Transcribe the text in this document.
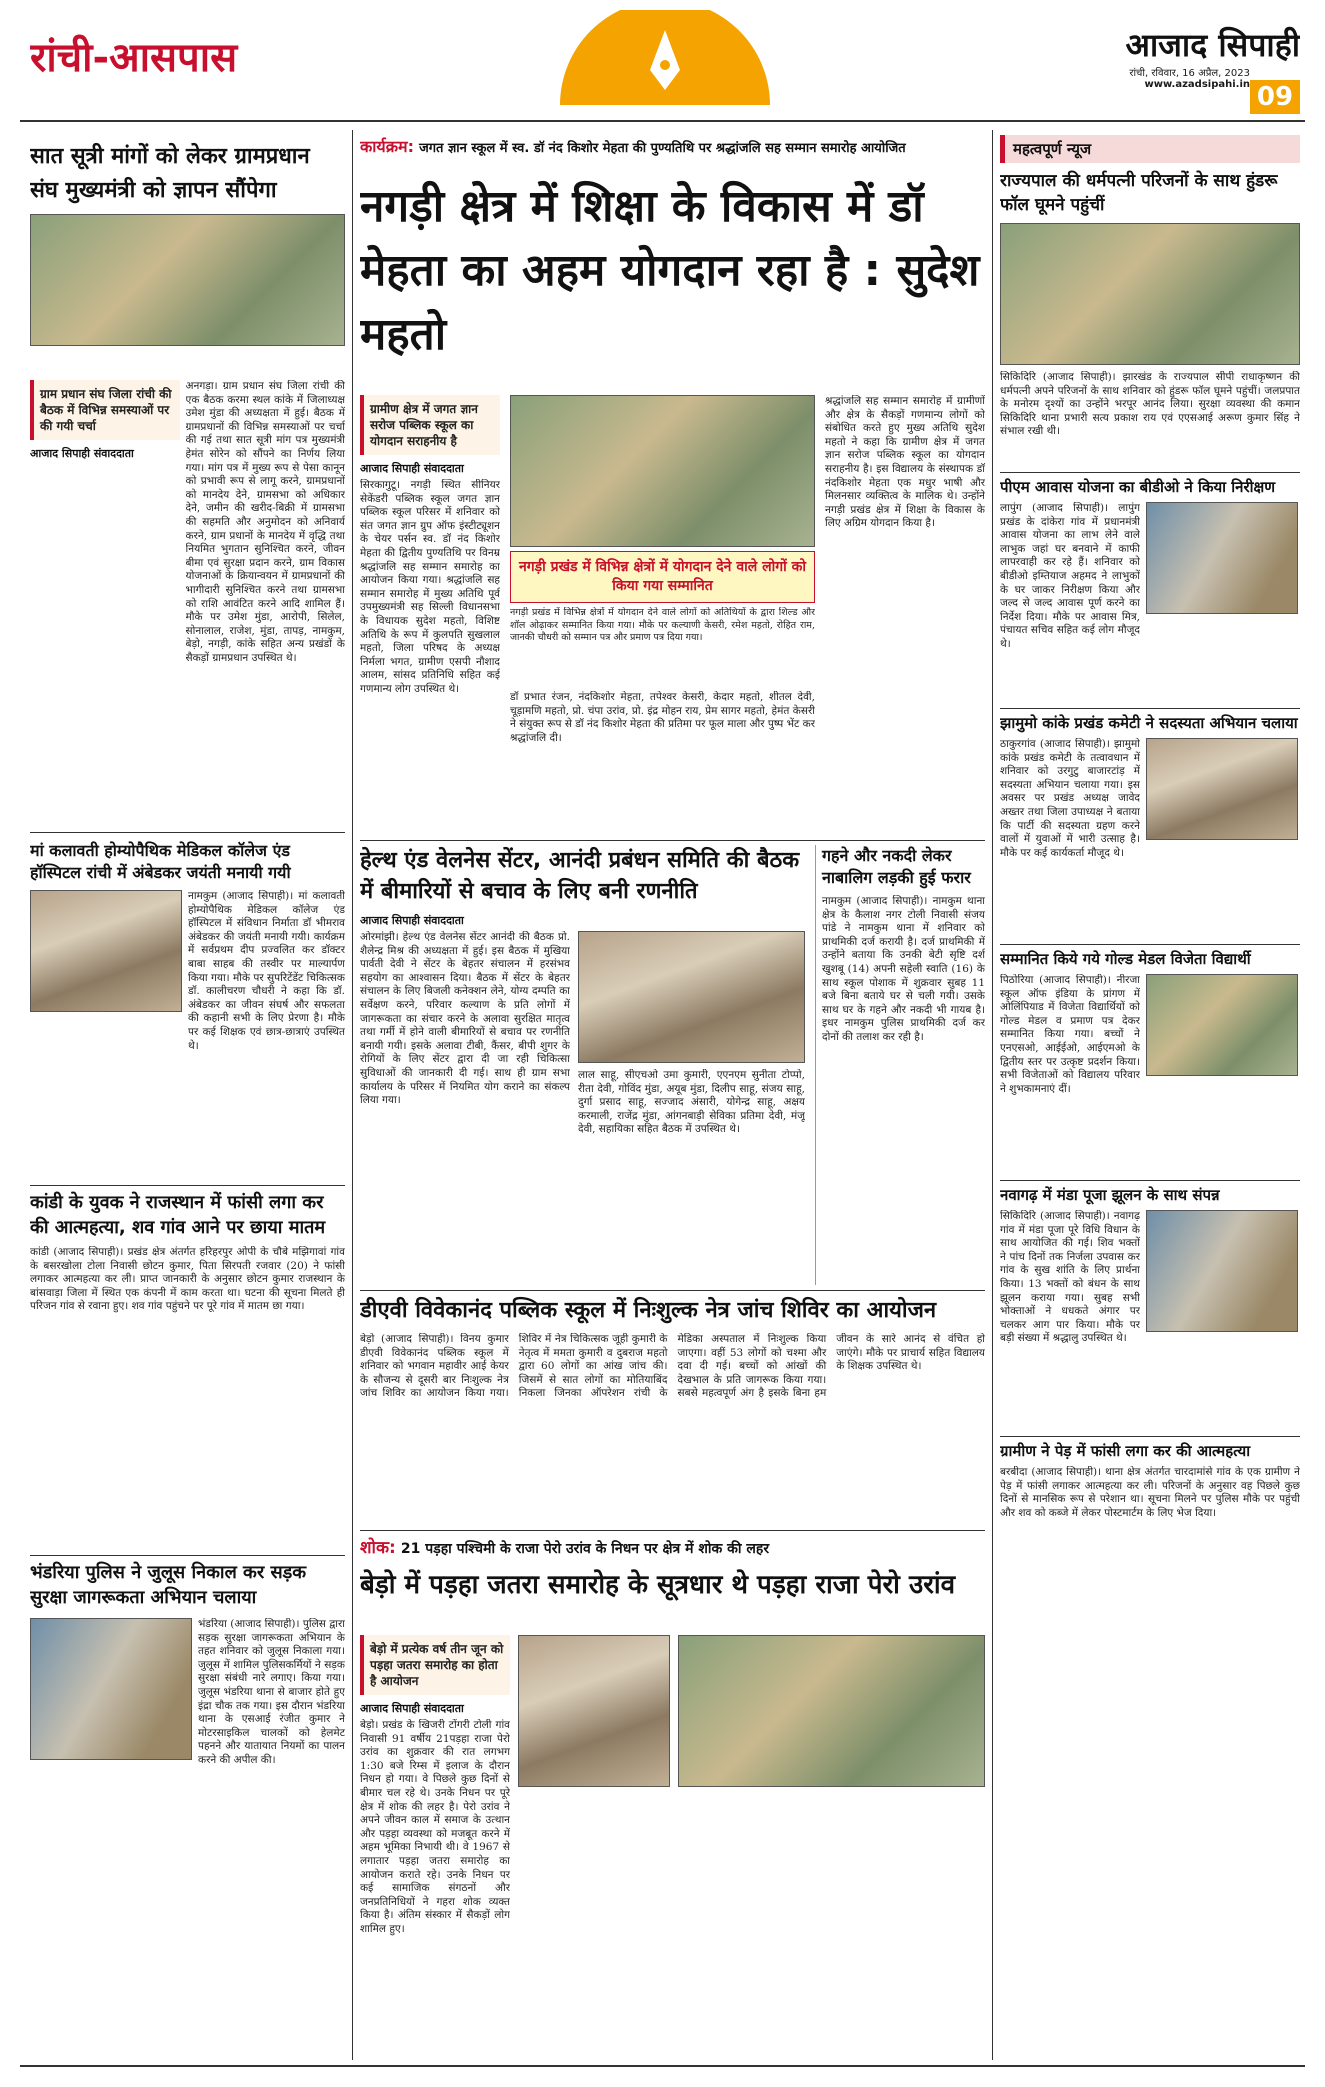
रांची-आसपास	आजाद सिपाही
रांची, रविवार, 16 अप्रैल, 2023
www.azadsipahi.in 09
सात सूत्री मांगों को लेकर ग्रामप्रधान संघ मुख्यमंत्री को ज्ञापन सौंपेगा
ग्राम प्रधान संघ जिला रांची की बैठक में विभिन्न समस्याओं पर की गयी चर्चा
आजाद सिपाही संवाददाता
अनगड़ा। ग्राम प्रधान संघ जिला रांची की एक बैठक करमा स्थल कांके में जिलाध्यक्ष उमेश मुंडा की अध्यक्षता में हुई। बैठक में ग्रामप्रधानों की विभिन्न समस्याओं पर चर्चा की गई तथा सात सूत्री मांग पत्र मुख्यमंत्री हेमंत सोरेन को सौंपने का निर्णय लिया गया। मांग पत्र में मुख्य रूप से पेसा कानून को प्रभावी रूप से लागू करने, ग्रामप्रधानों को मानदेय देने, ग्रामसभा को अधिकार देने, जमीन की खरीद-बिक्री में ग्रामसभा की सहमति और अनुमोदन को अनिवार्य करने, ग्राम प्रधानों के मानदेय में वृद्धि तथा नियमित भुगतान सुनिश्चित करने, जीवन बीमा एवं सुरक्षा प्रदान करने, ग्राम विकास योजनाओं के क्रियान्वयन में ग्रामप्रधानों की भागीदारी सुनिश्चित करने तथा ग्रामसभा को राशि आवंटित करने आदि शामिल हैं। मौके पर उमेश मुंडा, आरोपी, सिलेल, सोनालाल, राजेश, मुंडा, तापड़, नामकुम, बेड़ो, नगड़ी, कांके सहित अन्य प्रखंडों के सैकड़ों ग्रामप्रधान उपस्थित थे।
मां कलावती होम्योपैथिक मेडिकल कॉलेज एंड हॉस्पिटल रांची में अंबेडकर जयंती मनायी गयी
नामकुम (आजाद सिपाही)। मां कलावती होम्योपैथिक मेडिकल कॉलेज एंड हॉस्पिटल में संविधान निर्माता डॉ भीमराव अंबेडकर की जयंती मनायी गयी। कार्यक्रम में सर्वप्रथम दीप प्रज्वलित कर डॉक्टर बाबा साहब की तस्वीर पर माल्यार्पण किया गया। मौके पर सुपरिटेंडेंट चिकित्सक डॉ. कालीचरण चौधरी ने कहा कि डॉ. अंबेडकर का जीवन संघर्ष और सफलता की कहानी सभी के लिए प्रेरणा है। मौके पर कई शिक्षक एवं छात्र-छात्राएं उपस्थित थे।
कांडी के युवक ने राजस्थान में फांसी लगा कर की आत्महत्या, शव गांव आने पर छाया मातम
कांडी (आजाद सिपाही)। प्रखंड क्षेत्र अंतर्गत हरिहरपुर ओपी के चौबे मझिगावां गांव के बसरखोला टोला निवासी छोटन कुमार, पिता सिरपती रजवार (20) ने फांसी लगाकर आत्महत्या कर ली। प्राप्त जानकारी के अनुसार छोटन कुमार राजस्थान के बांसवाड़ा जिला में स्थित एक कंपनी में काम करता था। घटना की सूचना मिलते ही परिजन गांव से रवाना हुए। शव गांव पहुंचने पर पूरे गांव में मातम छा गया।
भंडरिया पुलिस ने जुलूस निकाल कर सड़क सुरक्षा जागरूकता अभियान चलाया
भंडरिया (आजाद सिपाही)। पुलिस द्वारा सड़क सुरक्षा जागरूकता अभियान के तहत शनिवार को जुलूस निकाला गया। जुलूस में शामिल पुलिसकर्मियों ने सड़क सुरक्षा संबंधी नारे लगाए। किया गया। जुलूस भंडरिया थाना से बाजार होते हुए इंद्रा चौक तक गया। इस दौरान भंडरिया थाना के एसआई रंजीत कुमार ने मोटरसाइकिल चालकों को हेलमेट पहनने और यातायात नियमों का पालन करने की अपील की।
कार्यक्रम: जगत ज्ञान स्कूल में स्व. डॉ नंद किशोर मेहता की पुण्यतिथि पर श्रद्धांजलि सह सम्मान समारोह आयोजित
नगड़ी क्षेत्र में शिक्षा के विकास में डॉ मेहता का अहम योगदान रहा है : सुदेश महतो
ग्रामीण क्षेत्र में जगत ज्ञान सरोज पब्लिक स्कूल का योगदान सराहनीय है
आजाद सिपाही संवाददाता
सिरकागुटू। नगड़ी स्थित सीनियर सेकेंडरी पब्लिक स्कूल जगत ज्ञान पब्लिक स्कूल परिसर में शनिवार को संत जगत ज्ञान ग्रुप ऑफ इंस्टीट्यूशन के चेयर पर्सन स्व. डॉ नंद किशोर मेहता की द्वितीय पुण्यतिथि पर विनम्र श्रद्धांजलि सह सम्मान समारोह का आयोजन किया गया। श्रद्धांजलि सह सम्मान समारोह में मुख्य अतिथि पूर्व उपमुख्यमंत्री सह सिल्ली विधानसभा के विधायक सुदेश महतो, विशिष्ट अतिथि के रूप में कुलपति सुखलाल महतो, जिला परिषद के अध्यक्ष निर्मला भगत, ग्रामीण एसपी नौशाद आलम, सांसद प्रतिनिधि सहित कई गणमान्य लोग उपस्थित थे।
नगड़ी प्रखंड में विभिन्न क्षेत्रों में योगदान देने वाले लोगों को किया गया सम्मानित
नगड़ी प्रखंड में विभिन्न क्षेत्रों में योगदान देने वाले लोगों को अतिथियों के द्वारा शिल्ड और शॉल ओढ़ाकर सम्मानित किया गया। मौके पर कल्याणी केसरी, रमेश महतो, रोहित राम, जानकी चौधरी को सम्मान पत्र और प्रमाण पत्र दिया गया।
डॉ प्रभात रंजन, नंदकिशोर मेहता, तपेश्वर केसरी, केदार महतो, शीतल देवी, चूड़ामणि महतो, प्रो. चंपा उरांव, प्रो. इंद्र मोहन राय, प्रेम सागर महतो, हेमंत केसरी ने संयुक्त रूप से डॉ नंद किशोर मेहता की प्रतिमा पर फूल माला और पुष्प भेंट कर श्रद्धांजलि दी।
श्रद्धांजलि सह सम्मान समारोह में ग्रामीणों और क्षेत्र के सैकड़ों गणमान्य लोगों को संबोधित करते हुए मुख्य अतिथि सुदेश महतो ने कहा कि ग्रामीण क्षेत्र में जगत ज्ञान सरोज पब्लिक स्कूल का योगदान सराहनीय है। इस विद्यालय के संस्थापक डॉ नंदकिशोर मेहता एक मधुर भाषी और मिलनसार व्यक्तित्व के मालिक थे। उन्होंने नगड़ी प्रखंड क्षेत्र में शिक्षा के विकास के लिए अग्रिम योगदान किया है।
हेल्थ एंड वेलनेस सेंटर, आनंदी प्रबंधन समिति की बैठक में बीमारियों से बचाव के लिए बनी रणनीति
आजाद सिपाही संवाददाता
ओरमांझी। हेल्थ एंड वेलनेस सेंटर आनंदी की बैठक प्रो. शैलेन्द्र मिश्र की अध्यक्षता में हुई। इस बैठक में मुखिया पार्वती देवी ने सेंटर के बेहतर संचालन में हरसंभव सहयोग का आश्वासन दिया। बैठक में सेंटर के बेहतर संचालन के लिए बिजली कनेक्शन लेने, योग्य दम्पति का सर्वेक्षण करने, परिवार कल्याण के प्रति लोगों में जागरूकता का संचार करने के अलावा सुरक्षित मातृत्व तथा गर्मी में होने वाली बीमारियों से बचाव पर रणनीति बनायी गयी। इसके अलावा टीबी, कैंसर, बीपी शुगर के रोगियों के लिए सेंटर द्वारा दी जा रही चिकित्सा सुविधाओं की जानकारी दी गई। साथ ही ग्राम सभा कार्यालय के परिसर में नियमित योग कराने का संकल्प लिया गया।
लाल साहू, सीएचओ उमा कुमारी, एएनएम सुनीता टोप्पो, रीता देवी, गोविंद मुंडा, अयूब मुंडा, दिलीप साहू, संजय साहू, दुर्गा प्रसाद साहू, सज्जाद अंसारी, योगेन्द्र साहू, अक्षय करमाली, राजेंद्र मुंडा, आंगनबाड़ी सेविका प्रतिमा देवी, मंजू देवी, सहायिका सहित बैठक में उपस्थित थे।
गहने और नकदी लेकर नाबालिग लड़की हुई फरार
नामकुम (आजाद सिपाही)। नामकुम थाना क्षेत्र के कैलाश नगर टोली निवासी संजय पांडे ने नामकुम थाना में शनिवार को प्राथमिकी दर्ज करायी है। दर्ज प्राथमिकी में उन्होंने बताया कि उनकी बेटी सृष्टि दर्श खुशबू (14) अपनी सहेली स्वाति (16) के साथ स्कूल पोशाक में शुक्रवार सुबह 11 बजे बिना बताये घर से चली गयी। उसके साथ घर के गहने और नकदी भी गायब है। इधर नामकुम पुलिस प्राथमिकी दर्ज कर दोनों की तलाश कर रही है।
डीएवी विवेकानंद पब्लिक स्कूल में निःशुल्क नेत्र जांच शिविर का आयोजन
बेड़ो (आजाद सिपाही)। विनय कुमार डीएवी विवेकानंद पब्लिक स्कूल में शनिवार को भगवान महावीर आई केयर के सौजन्य से दूसरी बार निःशुल्क नेत्र जांच शिविर का आयोजन किया गया। शिविर में नेत्र चिकित्सक जूही कुमारी के नेतृत्व में ममता कुमारी व दुबराज महतो द्वारा 60 लोगों का आंख जांच की। जिसमें से सात लोगों का मोतियाबिंद निकला जिनका ऑपरेशन रांची के मेडिका अस्पताल में निःशुल्क किया जाएगा। वहीं 53 लोगों को चश्मा और दवा दी गई। बच्चों को आंखों की देखभाल के प्रति जागरूक किया गया। सबसे महत्वपूर्ण अंग है इसके बिना हम जीवन के सारे आनंद से वंचित हो जाएंगे। मौके पर प्राचार्य सहित विद्यालय के शिक्षक उपस्थित थे।
शोक: 21 पड़हा पश्चिमी के राजा पेरो उरांव के निधन पर क्षेत्र में शोक की लहर
बेड़ो में पड़हा जतरा समारोह के सूत्रधार थे पड़हा राजा पेरो उरांव
बेड़ो में प्रत्येक वर्ष तीन जून को पड़हा जतरा समारोह का होता है आयोजन
आजाद सिपाही संवाददाता
बेड़ो। प्रखंड के खिजरी टोंगरी टोली गांव निवासी 91 वर्षीय 21पड़हा राजा पेरो उरांव का शुक्रवार की रात लगभग 1:30 बजे रिम्स में इलाज के दौरान निधन हो गया। वे पिछले कुछ दिनों से बीमार चल रहे थे। उनके निधन पर पूरे क्षेत्र में शोक की लहर है। पेरो उरांव ने अपने जीवन काल में समाज के उत्थान और पड़हा व्यवस्था को मजबूत करने में अहम भूमिका निभायी थी। वे 1967 से लगातार पड़हा जतरा समारोह का आयोजन कराते रहे। उनके निधन पर कई सामाजिक संगठनों और जनप्रतिनिधियों ने गहरा शोक व्यक्त किया है। अंतिम संस्कार में सैकड़ों लोग शामिल हुए।
महत्वपूर्ण न्यूज
राज्यपाल की धर्मपत्नी परिजनों के साथ हुंडरू फॉल घूमने पहुंचीं
सिकिदिरि (आजाद सिपाही)। झारखंड के राज्यपाल सीपी राधाकृष्णन की धर्मपत्नी अपने परिजनों के साथ शनिवार को हुंडरू फॉल घूमने पहुंचीं। जलप्रपात के मनोरम दृश्यों का उन्होंने भरपूर आनंद लिया। सुरक्षा व्यवस्था की कमान सिकिदिरि थाना प्रभारी सत्य प्रकाश राय एवं एएसआई अरूण कुमार सिंह ने संभाल रखी थी।
पीएम आवास योजना का बीडीओ ने किया निरीक्षण
लापुंग (आजाद सिपाही)। लापुंग प्रखंड के दांकेरा गांव में प्रधानमंत्री आवास योजना का लाभ लेने वाले लाभुक जहां घर बनवाने में काफी लापरवाही कर रहे हैं। शनिवार को बीडीओ इम्तियाज अहमद ने लाभुकों के घर जाकर निरीक्षण किया और जल्द से जल्द आवास पूर्ण करने का निर्देश दिया। मौके पर आवास मित्र, पंचायत सचिव सहित कई लोग मौजूद थे।
झामुमो कांके प्रखंड कमेटी ने सदस्यता अभियान चलाया
ठाकुरगांव (आजाद सिपाही)। झामुमो कांके प्रखंड कमेटी के तत्वावधान में शनिवार को उरगुटु बाजारटांड़ में सदस्यता अभियान चलाया गया। इस अवसर पर प्रखंड अध्यक्ष जावेद अख्तर तथा जिला उपाध्यक्ष ने बताया कि पार्टी की सदस्यता ग्रहण करने वालों में युवाओं में भारी उत्साह है। मौके पर कई कार्यकर्ता मौजूद थे।
सम्मानित किये गये गोल्ड मेडल विजेता विद्यार्थी
पिठोरिया (आजाद सिपाही)। नीरजा स्कूल ऑफ इंडिया के प्रांगण में ओलिंपियाड में विजेता विद्यार्थियों को गोल्ड मेडल व प्रमाण पत्र देकर सम्मानित किया गया। बच्चों ने एनएसओ, आईईओ, आईएमओ के द्वितीय स्तर पर उत्कृष्ट प्रदर्शन किया। सभी विजेताओं को विद्यालय परिवार ने शुभकामनाएं दीं।
नवागढ़ में मंडा पूजा झूलन के साथ संपन्न
सिकिदिरि (आजाद सिपाही)। नवागढ़ गांव में मंडा पूजा पूरे विधि विधान के साथ आयोजित की गई। शिव भक्तों ने पांच दिनों तक निर्जला उपवास कर गांव के सुख शांति के लिए प्रार्थना किया। 13 भक्तों को बंधन के साथ झूलन कराया गया। सुबह सभी भोक्ताओं ने धधकते अंगार पर चलकर आग पार किया। मौके पर बड़ी संख्या में श्रद्धालु उपस्थित थे।
ग्रामीण ने पेड़ में फांसी लगा कर की आत्महत्या
बरबीदा (आजाद सिपाही)। थाना क्षेत्र अंतर्गत चारदामांसे गांव के एक ग्रामीण ने पेड़ में फांसी लगाकर आत्महत्या कर ली। परिजनों के अनुसार वह पिछले कुछ दिनों से मानसिक रूप से परेशान था। सूचना मिलने पर पुलिस मौके पर पहुंची और शव को कब्जे में लेकर पोस्टमार्टम के लिए भेज दिया।
